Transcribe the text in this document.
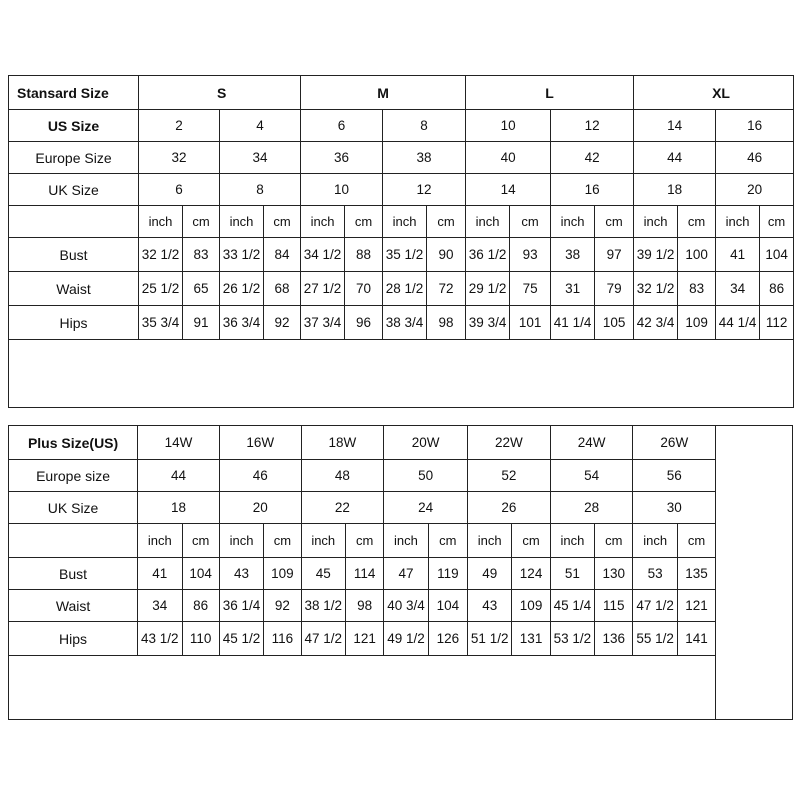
Stansard Size	S				M				L				XL			
US Size	2		4		6		8		10		12		14		16	
Europe Size	32		34		36		38		40		42		44		46	
UK Size	6		8		10		12		14		16		18		20	
	inch	cm	inch	cm	inch	cm	inch	cm	inch	cm	inch	cm	inch	cm	inch	cm
Bust	32 1/2	83	33 1/2	84	34 1/2	88	35 1/2	90	36 1/2	93	38	97	39 1/2	100	41	104
Waist	25 1/2	65	26 1/2	68	27 1/2	70	28 1/2	72	29 1/2	75	31	79	32 1/2	83	34	86
Hips	35 3/4	91	36 3/4	92	37 3/4	96	38 3/4	98	39 3/4	101	41 1/4	105	42 3/4	109	44 1/4	112

Plus Size(US)	14W		16W		18W		20W		22W		24W		26W		
Europe size	44		46		48		50		52		54		56		
UK Size	18		20		22		24		26		28		30		
	inch	cm	inch	cm	inch	cm	inch	cm	inch	cm	inch	cm	inch	cm	
Bust	41	104	43	109	45	114	47	119	49	124	51	130	53	135	
Waist	34	86	36 1/4	92	38 1/2	98	40 3/4	104	43	109	45 1/4	115	47 1/2	121	
Hips	43 1/2	110	45 1/2	116	47 1/2	121	49 1/2	126	51 1/2	131	53 1/2	136	55 1/2	141	
